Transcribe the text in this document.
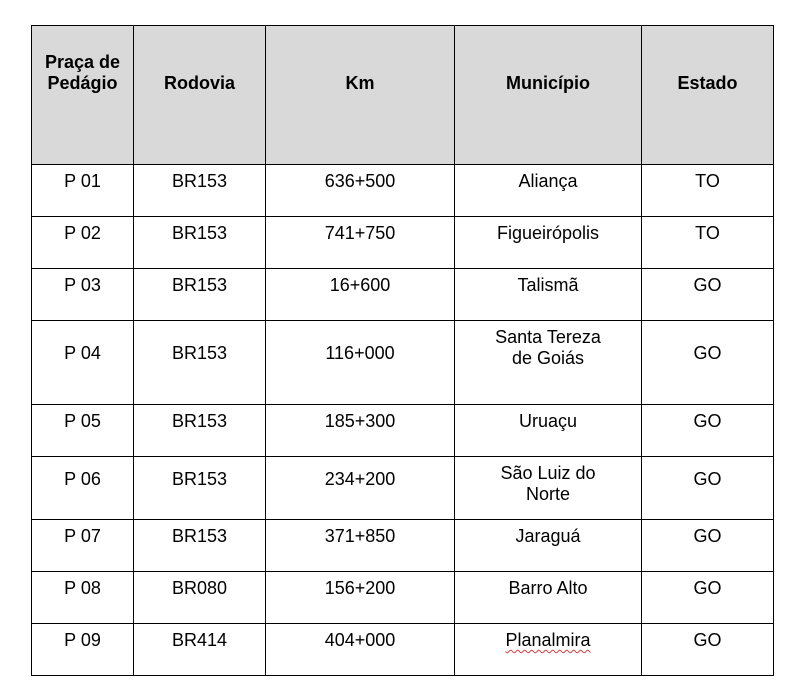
Praça de Pedágio	Rodovia	Km	Município	Estado
P 01	BR153	636+500	Aliança	TO
P 02	BR153	741+750	Figueirópolis	TO
P 03	BR153	16+600	Talismã	GO
P 04	BR153	116+000	Santa Tereza de Goiás	GO
P 05	BR153	185+300	Uruaçu	GO
P 06	BR153	234+200	São Luiz do Norte	GO
P 07	BR153	371+850	Jaraguá	GO
P 08	BR080	156+200	Barro Alto	GO
P 09	BR414	404+000	Planalmira	GO
